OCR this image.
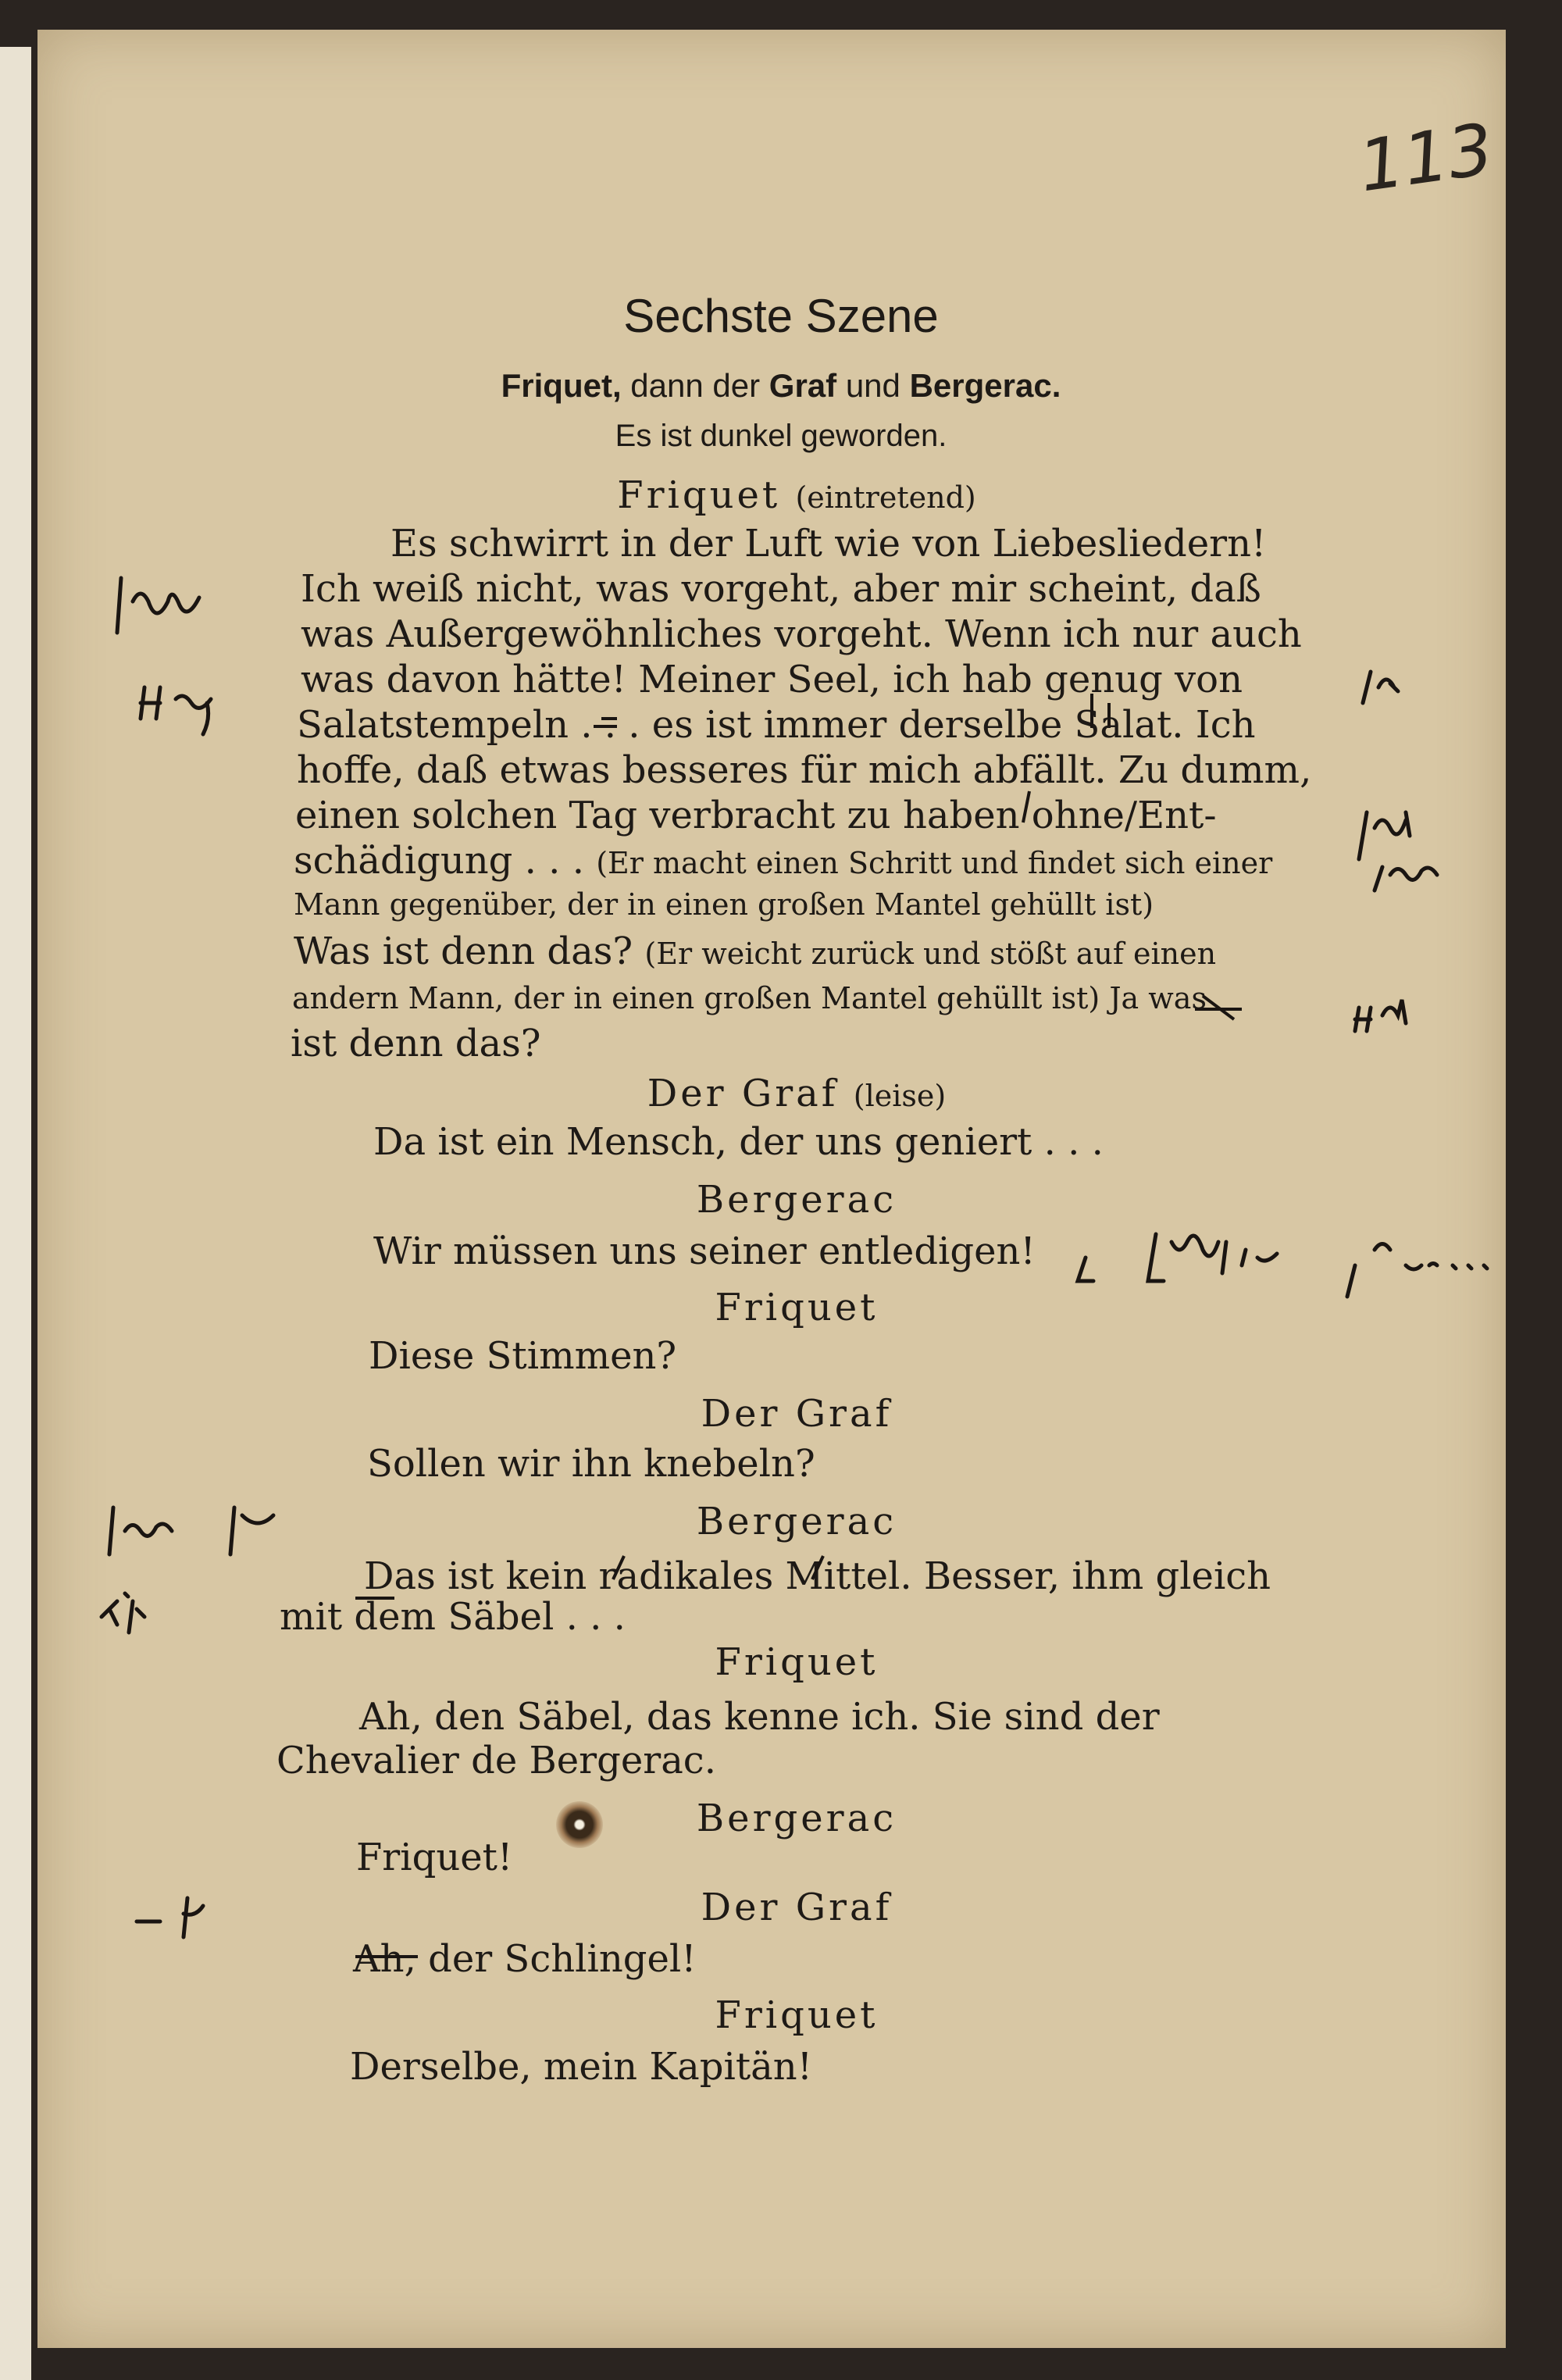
113
Sechste Szene
Friquet, dann der Graf und Bergerac.
Es ist dunkel geworden.
Friquet (eintretend)
Es schwirrt in der Luft wie von Liebesliedern!
Ich weiß nicht, was vorgeht, aber mir scheint, daß
was Außergewöhnliches vorgeht. Wenn ich nur auch
was davon hätte! Meiner Seel, ich hab genug von
Salatstempeln . . . es ist immer derselbe Salat. Ich
hoffe, daß etwas besseres für mich abfällt. Zu dumm,
einen solchen Tag verbracht zu haben ohne/Ent-
schädigung . . . (Er macht einen Schritt und findet sich einer
Mann gegenüber, der in einen großen Mantel gehüllt ist)
Was ist denn das? (Er weicht zurück und stößt auf einen
andern Mann, der in einen großen Mantel gehüllt ist) Ja was
ist denn das?
Der Graf (leise)
Da ist ein Mensch, der uns geniert . . .
Bergerac
Wir müssen uns seiner entledigen!
Friquet
Diese Stimmen?
Der Graf
Sollen wir ihn knebeln?
Bergerac
Das ist kein radikales Mittel. Besser, ihm gleich
mit dem Säbel . . .
Friquet
Ah, den Säbel, das kenne ich. Sie sind der
Chevalier de Bergerac.
Bergerac
Friquet!
Der Graf
Ah, der Schlingel!
Friquet
Derselbe, mein Kapitän!
